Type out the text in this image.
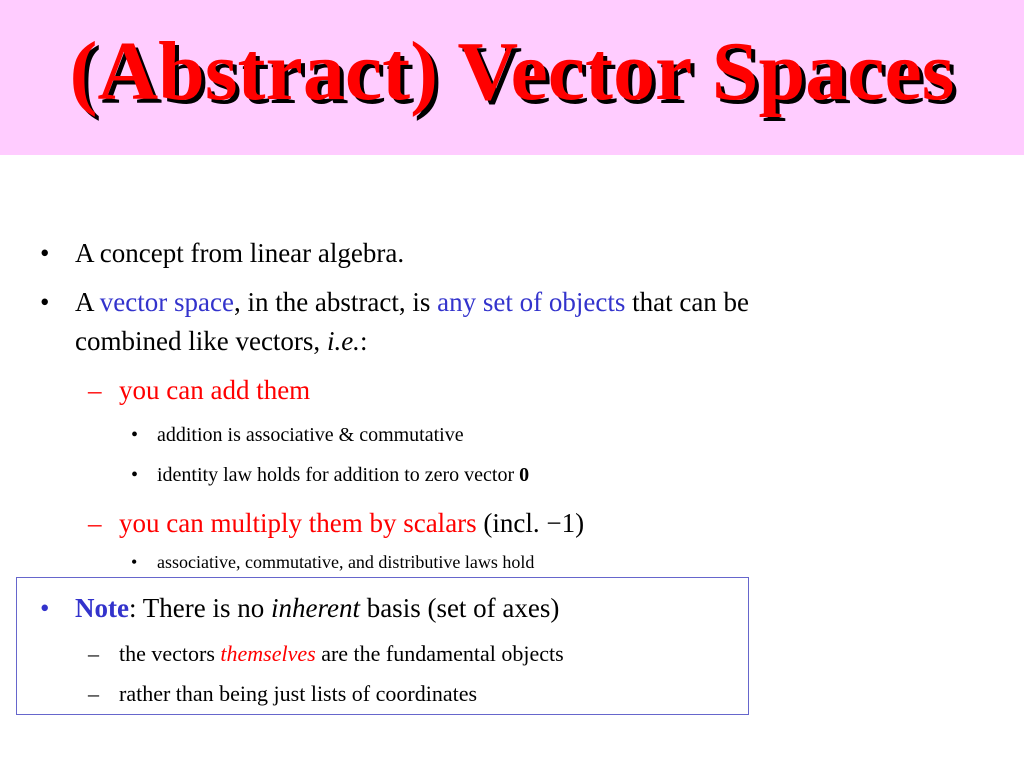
(Abstract) Vector Spaces
• A concept from linear algebra.
• A vector space, in the abstract, is any set of objects that can be
combined like vectors, i.e.:
– you can add them
• addition is associative & commutative
• identity law holds for addition to zero vector 0
– you can multiply them by scalars (incl. −1)
• associative, commutative, and distributive laws hold
• Note: There is no inherent basis (set of axes)
– the vectors themselves are the fundamental objects
– rather than being just lists of coordinates
